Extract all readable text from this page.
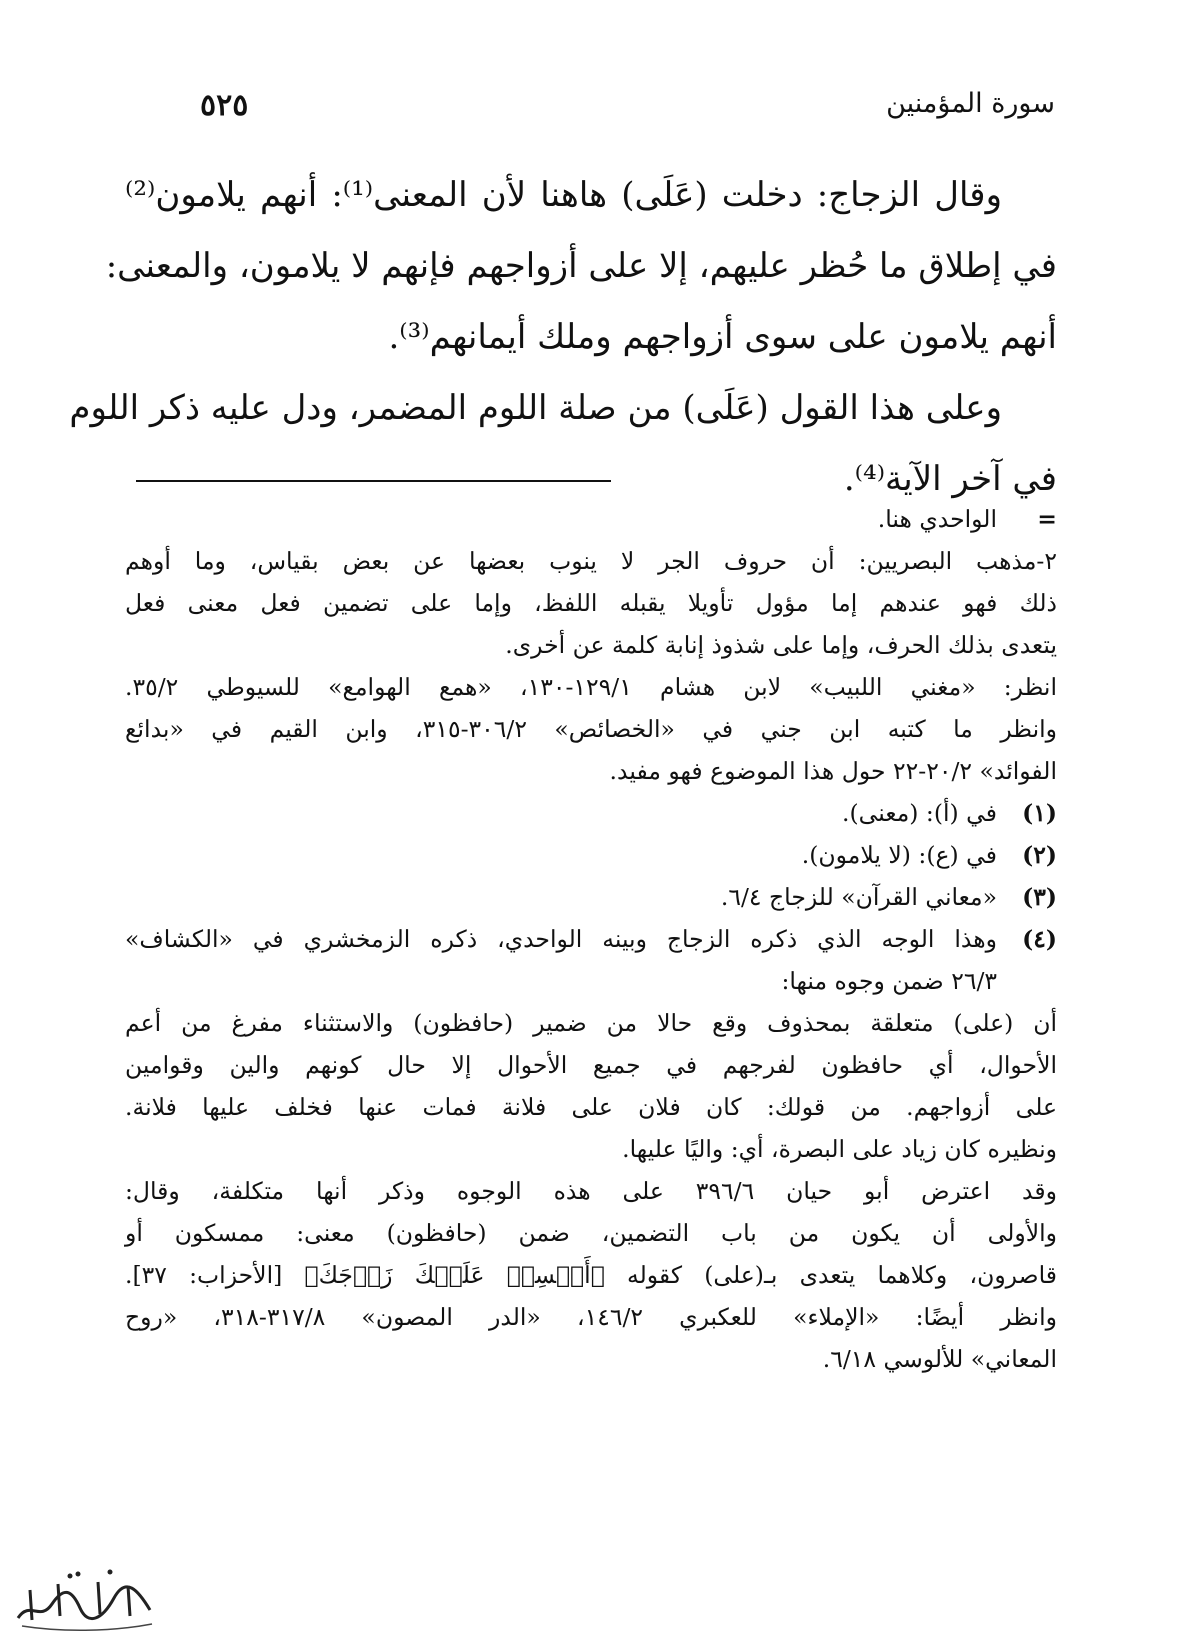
سورة المؤمنين
٥٢٥
وقال الزجاج: دخلت (عَلَى) هاهنا لأن المعنى⁽¹⁾: أنهم يلامون⁽²⁾
في إطلاق ما حُظر عليهم، إلا على أزواجهم فإنهم لا يلامون، والمعنى:
أنهم يلامون على سوى أزواجهم وملك أيمانهم⁽³⁾.
وعلى هذا القول (عَلَى) من صلة اللوم المضمر، ودل عليه ذكر اللوم
في آخر الآية⁽⁴⁾.
=الواحدي هنا.
٢-مذهب البصريين: أن حروف الجر لا ينوب بعضها عن بعض بقياس، وما أوهم
ذلك فهو عندهم إما مؤول تأويلا يقبله اللفظ، وإما على تضمين فعل معنى فعل
يتعدى بذلك الحرف، وإما على شذوذ إنابة كلمة عن أخرى.
انظر: «مغني اللبيب» لابن هشام ١٢٩/١-١٣٠، «همع الهوامع» للسيوطي ٣٥/٢.
وانظر ما كتبه ابن جني في «الخصائص» ٣٠٦/٢-٣١٥، وابن القيم في «بدائع
الفوائد» ٢٠/٢-٢٢ حول هذا الموضوع فهو مفيد.
(١)في (أ): (معنى).
(٢)في (ع): (لا يلامون).
(٣)«معاني القرآن» للزجاج ٦/٤.
(٤)وهذا الوجه الذي ذكره الزجاج وبينه الواحدي، ذكره الزمخشري في «الكشاف»
٢٦/٣ ضمن وجوه منها:
أن (على) متعلقة بمحذوف وقع حالا من ضمير (حافظون) والاستثناء مفرغ من أعم
الأحوال، أي حافظون لفرجهم في جميع الأحوال إلا حال كونهم والين وقوامين
على أزواجهم. من قولك: كان فلان على فلانة فمات عنها فخلف عليها فلانة.
ونظيره كان زياد على البصرة، أي: واليًا عليها.
وقد اعترض أبو حيان ٣٩٦/٦ على هذه الوجوه وذكر أنها متكلفة، وقال:
والأولى أن يكون من باب التضمين، ضمن (حافظون) معنى: ممسكون أو
قاصرون، وكلاهما يتعدى بـ(على) كقوله ﴿أَمۡسِكۡ عَلَيۡكَ زَوۡجَكَ﴾ [الأحزاب: ٣٧].
وانظر أيضًا: «الإملاء» للعكبري ١٤٦/٢، «الدر المصون» ٣١٧/٨-٣١٨، «روح
المعاني» للألوسي ٦/١٨.
